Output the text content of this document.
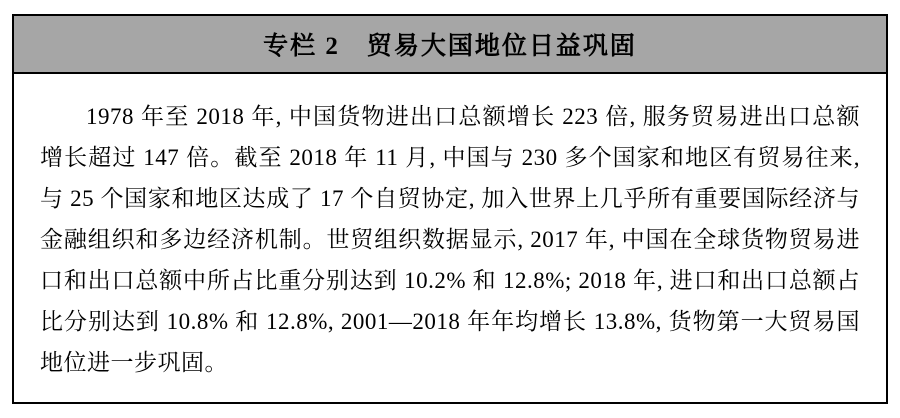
专栏 2　贸易大国地位日益巩固

1978 年至 2018 年, 中国货物进出口总额增长 223 倍, 服务贸易进出口总额增长超过 147 倍。截至 2018 年 11 月, 中国与 230 多个国家和地区有贸易往来, 与 25 个国家和地区达成了 17 个自贸协定, 加入世界上几乎所有重要国际经济与金融组织和多边经济机制。世贸组织数据显示, 2017 年, 中国在全球货物贸易进口和出口总额中所占比重分别达到 10.2% 和 12.8%; 2018 年, 进口和出口总额占比分别达到 10.8% 和 12.8%, 2001—2018 年年均增长 13.8%, 货物第一大贸易国地位进一步巩固。
